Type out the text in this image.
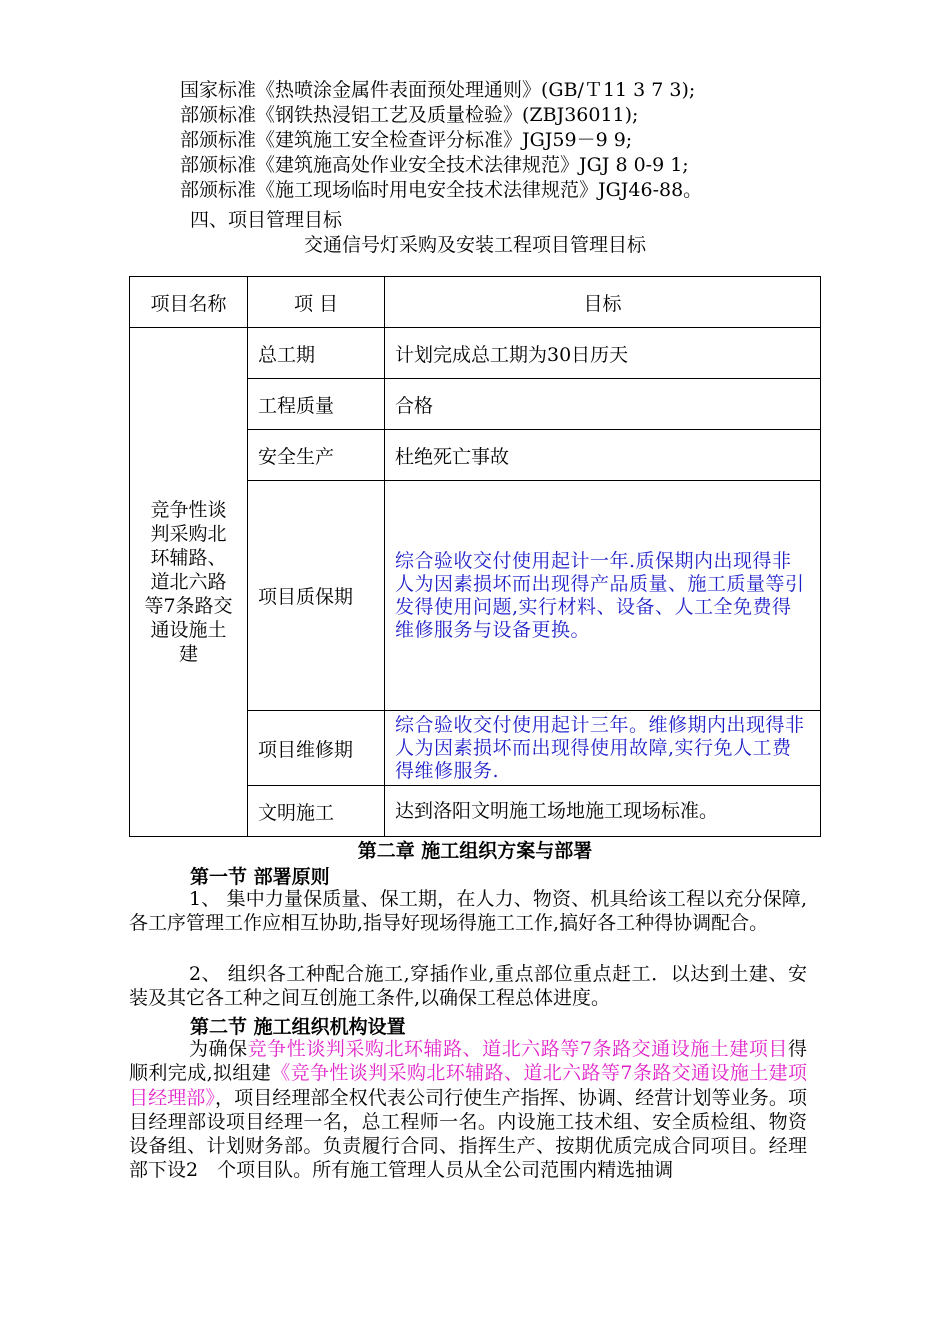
国家标准《热喷涂金属件表面预处理通则》(GB/Ｔ11 3 7 3);
部颁标准《钢铁热浸铝工艺及质量检验》(ZBJ36011);
部颁标准《建筑施工安全检查评分标准》JGJ59－9 9;
部颁标准《建筑施高处作业安全技术法律规范》JGJ 8 0-9 1;
部颁标准《施工现场临时用电安全技术法律规范》JGJ46-88。
四、项目管理目标
交通信号灯采购及安装工程项目管理目标
项目名称	项 目	目标
竞争性谈判采购北环辅路、道北六路等7条路交通设施土建	总工期	计划完成总工期为30日历天
	工程质量	合格
	安全生产	杜绝死亡事故
	项目质保期	综合验收交付使用起计一年.质保期内出现得非人为因素损坏而出现得产品质量、施工质量等引发得使用问题,实行材料、设备、人工全免费得维修服务与设备更换。
	项目维修期	综合验收交付使用起计三年。维修期内出现得非人为因素损坏而出现得使用故障,实行免人工费得维修服务.
	文明施工	达到洛阳文明施工场地施工现场标准。
第二章 施工组织方案与部署
第一节 部署原则
1、 集中力量保质量、保工期，在人力、物资、机具给该工程以充分保障,各工序管理工作应相互协助,指导好现场得施工工作,搞好各工种得协调配合。
2、 组织各工种配合施工,穿插作业,重点部位重点赶工．以达到土建、安装及其它各工种之间互创施工条件,以确保工程总体进度。
第二节 施工组织机构设置
为确保竞争性谈判采购北环辅路、道北六路等7条路交通设施土建项目得顺利完成,拟组建《竞争性谈判采购北环辅路、道北六路等7条路交通设施土建项目经理部》，项目经理部全权代表公司行使生产指挥、协调、经营计划等业务。项目经理部设项目经理一名，总工程师一名。内设施工技术组、安全质检组、物资设备组、计划财务部。负责履行合同、指挥生产、按期优质完成合同项目。经理部下设2　个项目队。所有施工管理人员从全公司范围内精选抽调
